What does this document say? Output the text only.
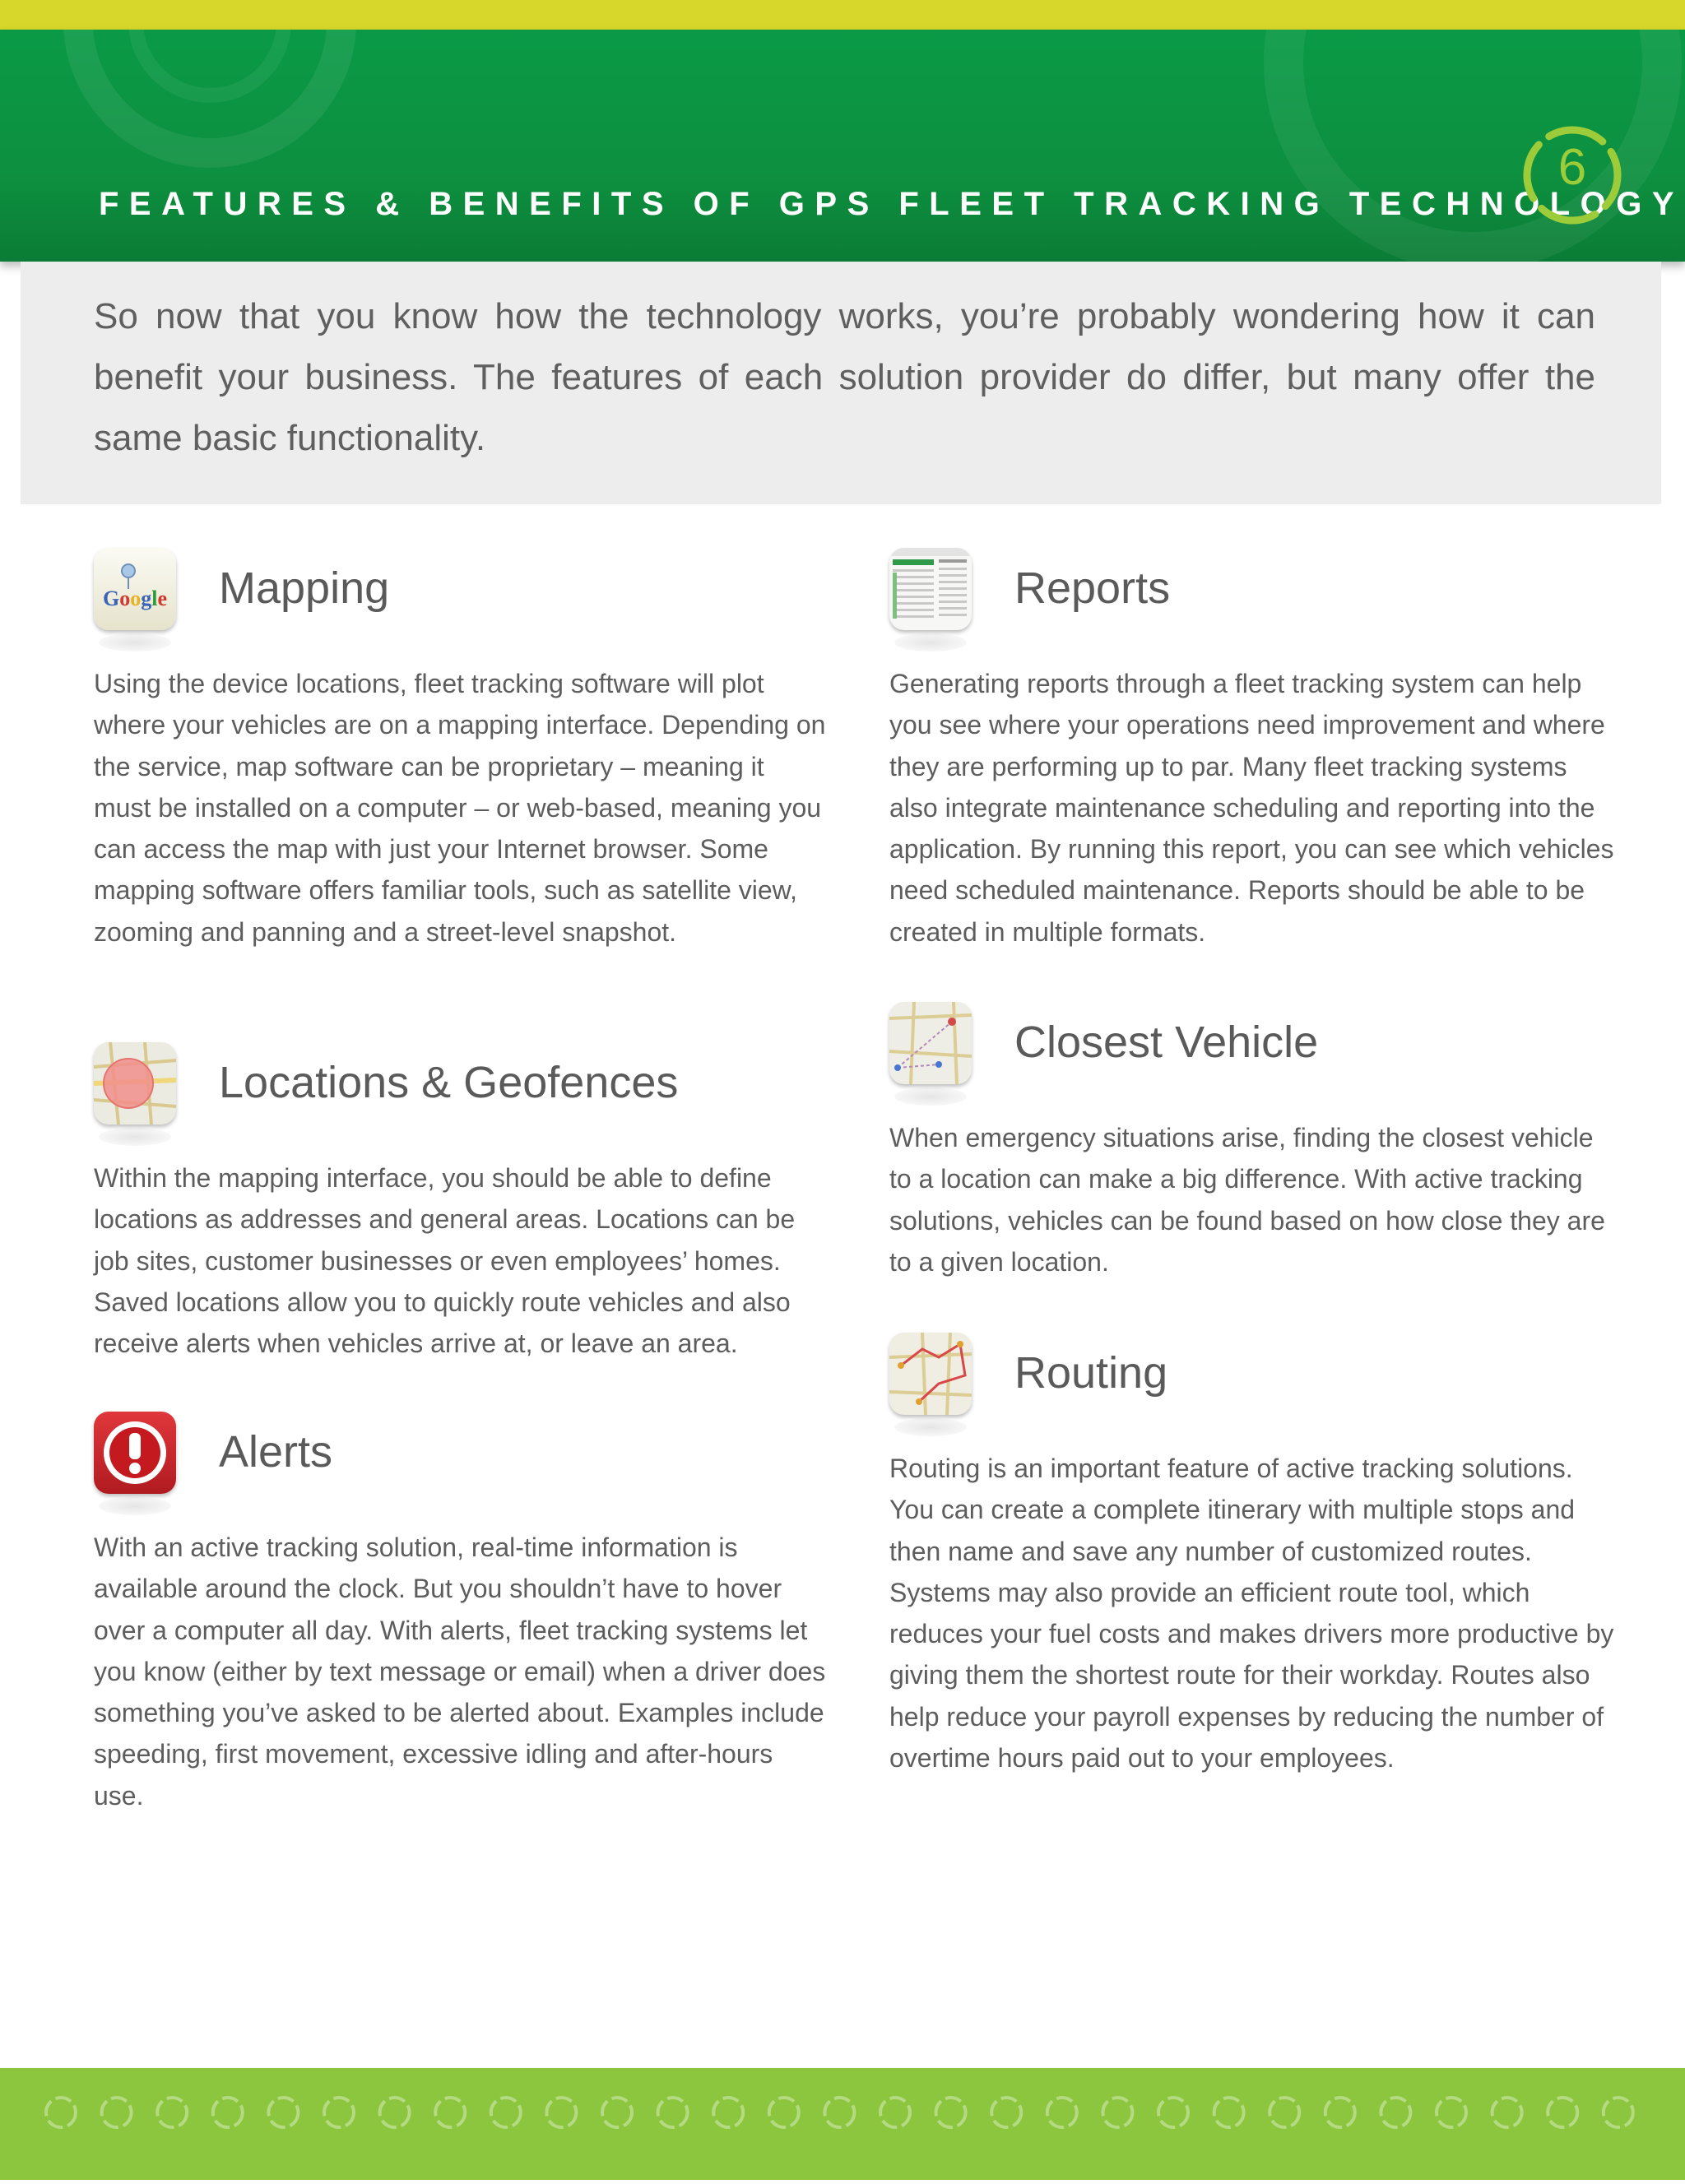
FEATURES & BENEFITS OF GPS FLEET TRACKING TECHNOLOGY
6

So now that you know how the technology works, you’re probably wondering how it can benefit your business. The features of each solution provider do differ, but many offer the same basic functionality.

Google Mapping

Using the device locations, fleet tracking software will plot where your vehicles are on a mapping interface. Depending on the service, map software can be proprietary – meaning it must be installed on a computer – or web-based, meaning you can access the map with just your Internet browser. Some mapping software offers familiar tools, such as satellite view, zooming and panning and a street-level snapshot.

Locations & Geofences

Within the mapping interface, you should be able to define locations as addresses and general areas. Locations can be job sites, customer businesses or even employees’ homes. Saved locations allow you to quickly route vehicles and also receive alerts when vehicles arrive at, or leave an area.

Alerts

With an active tracking solution, real-time information is available around the clock. But you shouldn’t have to hover over a computer all day. With alerts, fleet tracking systems let you know (either by text message or email) when a driver does something you’ve asked to be alerted about. Examples include speeding, first movement, excessive idling and after-hours use.

Reports

Generating reports through a fleet tracking system can help you see where your operations need improvement and where they are performing up to par. Many fleet tracking systems also integrate maintenance scheduling and reporting into the application. By running this report, you can see which vehicles need scheduled maintenance. Reports should be able to be created in multiple formats.

Closest Vehicle

When emergency situations arise, finding the closest vehicle to a location can make a big difference. With active tracking solutions, vehicles can be found based on how close they are to a given location.

Routing

Routing is an important feature of active tracking solutions. You can create a complete itinerary with multiple stops and then name and save any number of customized routes. Systems may also provide an efficient route tool, which reduces your fuel costs and makes drivers more productive by giving them the shortest route for their workday. Routes also help reduce your payroll expenses by reducing the number of overtime hours paid out to your employees.
